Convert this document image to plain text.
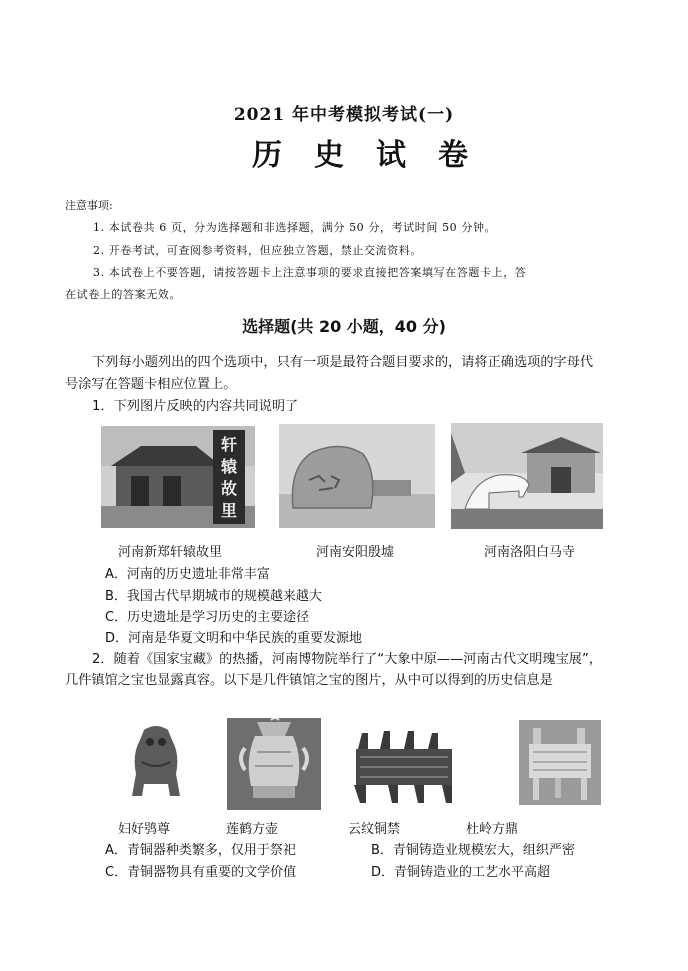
2021 年中考模拟考试(一)
历史试卷
注意事项:
1. 本试卷共 6 页，分为选择题和非选择题，满分 50 分，考试时间 50 分钟。
2. 开卷考试，可查阅参考资料，但应独立答题，禁止交流资料。
3. 本试卷上不要答题，请按答题卡上注意事项的要求直接把答案填写在答题卡上，答
在试卷上的答案无效。
选择题(共 20 小题，40 分)
下列每小题列出的四个选项中，只有一项是最符合题目要求的，请将正确选项的字母代
号涂写在答题卡相应位置上。
1．下列图片反映的内容共同说明了
轩
辕
故
里
河南新郑轩辕故里	河南安阳殷墟	河南洛阳白马寺
A．河南的历史遗址非常丰富
B．我国古代早期城市的规模越来越大
C．历史遗址是学习历史的主要途径
D．河南是华夏文明和中华民族的重要发源地
2．随着《国家宝藏》的热播，河南博物院举行了“大象中原——河南古代文明瑰宝展”，
几件镇馆之宝也显露真容。以下是几件镇馆之宝的图片，从中可以得到的历史信息是
妇好鸮尊	莲鹤方壶	云纹铜禁	杜岭方鼎
A．青铜器种类繁多，仅用于祭祀	B．青铜铸造业规模宏大，组织严密
C．青铜器物具有重要的文学价值	D．青铜铸造业的工艺水平高超
